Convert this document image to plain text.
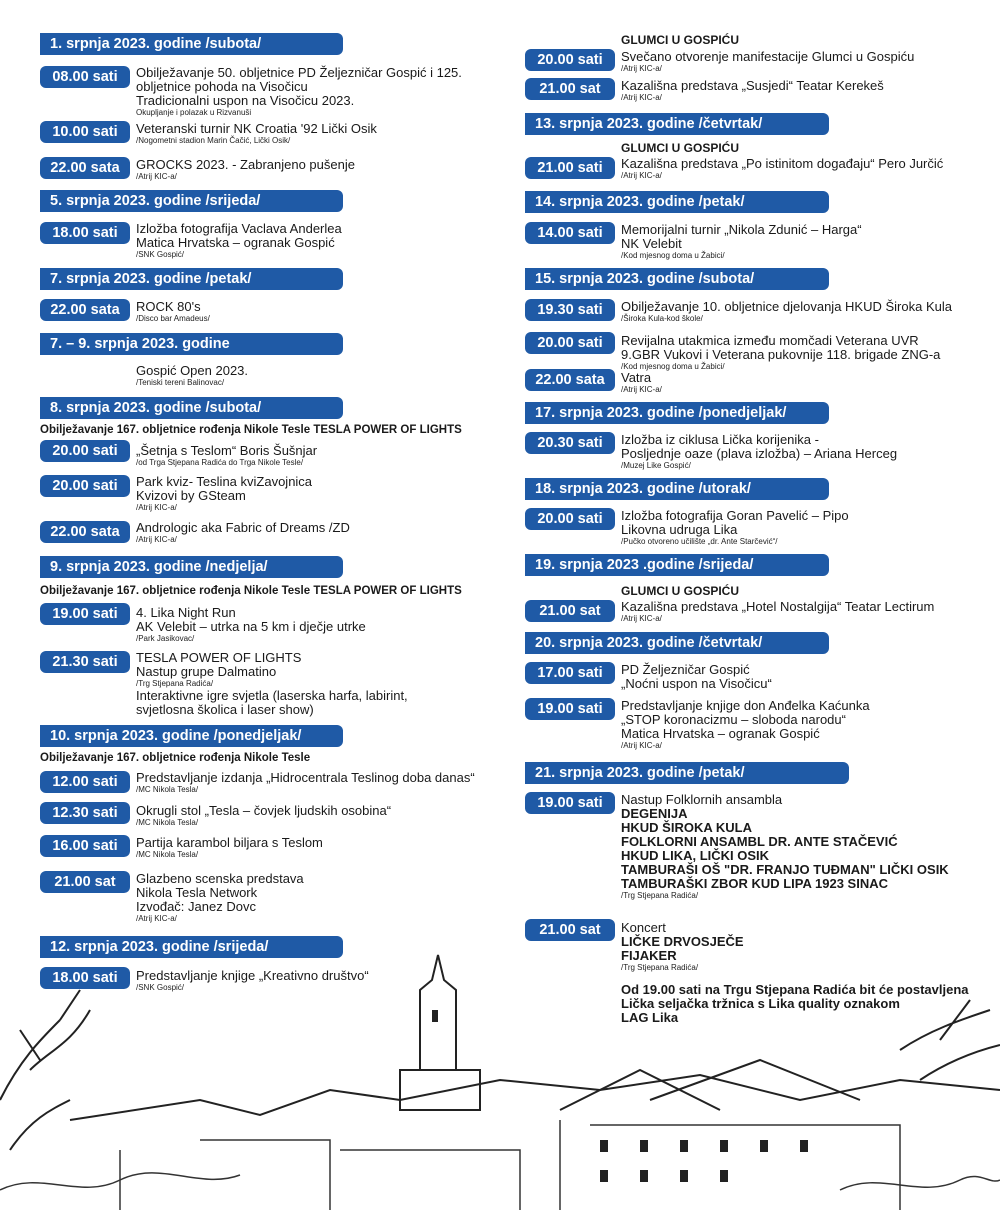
1. srpnja 2023. godine /subota/
08.00 sati	Obilježavanje 50. obljetnice PD Željezničar Gospić i 125.
obljetnice pohoda na Visočicu
Tradicionalni uspon na Visočicu 2023.
Okupljanje i polazak u Rizvanuši
10.00 sati	Veteranski turnir NK Croatia '92 Lički Osik
/Nogometni stadion Marin Čačić, Lički Osik/
22.00 sata	GROCKS 2023. - Zabranjeno pušenje
/Atrij KIC-a/
5. srpnja 2023. godine /srijeda/
18.00 sati	Izložba fotografija Vaclava Anderlea
Matica Hrvatska – ogranak Gospić
/SNK Gospić/
7. srpnja 2023. godine /petak/
22.00 sata	ROCK 80's
/Disco bar Amadeus/
7. – 9. srpnja 2023. godine
Gospić Open 2023.
/Teniski tereni Balinovac/
8. srpnja 2023. godine /subota/
Obilježavanje 167. obljetnice rođenja Nikole Tesle TESLA POWER OF LIGHTS
20.00 sati	„Šetnja s Teslom“ Boris Šušnjar
/od Trga Stjepana Radića do Trga Nikole Tesle/
20.00 sati	Park kviz- Teslina kviZavojnica
Kvizovi by GSteam
/Atrij KIC-a/
22.00 sata	Andrologic aka Fabric of Dreams /ZD
/Atrij KIC-a/
9. srpnja 2023. godine /nedjelja/
Obilježavanje 167. obljetnice rođenja Nikole Tesle TESLA POWER OF LIGHTS
19.00 sati	4. Lika Night Run
AK Velebit – utrka na 5 km i dječje utrke
/Park Jasikovac/
21.30 sati	TESLA POWER OF LIGHTS
Nastup grupe Dalmatino
/Trg Stjepana Radića/
Interaktivne igre svjetla (laserska harfa, labirint,
svjetlosna školica i laser show)
10. srpnja 2023. godine /ponedjeljak/
Obilježavanje 167. obljetnice rođenja Nikole Tesle
12.00 sati	Predstavljanje izdanja „Hidrocentrala Teslinog doba danas“
/MC Nikola Tesla/
12.30 sati	Okrugli stol „Tesla – čovjek ljudskih osobina“
/MC Nikola Tesla/
16.00 sati	Partija karambol biljara s Teslom
/MC Nikola Tesla/
21.00 sat	Glazbeno scenska predstava
Nikola Tesla Network
Izvođač: Janez Dovc
/Atrij KIC-a/
12. srpnja 2023. godine /srijeda/
18.00 sati	Predstavljanje knjige „Kreativno društvo“
/SNK Gospić/
GLUMCI U GOSPIĆU
20.00 sati	Svečano otvorenje manifestacije Glumci u Gospiću
/Atrij KIC-a/
21.00 sat	Kazališna predstava „Susjedi“ Teatar Kerekeš
/Atrij KIC-a/
13. srpnja 2023. godine /četvrtak/
GLUMCI U GOSPIĆU
21.00 sati	Kazališna predstava „Po istinitom događaju“ Pero Jurčić
/Atrij KIC-a/
14. srpnja 2023. godine /petak/
14.00 sati	Memorijalni turnir „Nikola Zdunić – Harga“
NK Velebit
/Kod mjesnog doma u Žabici/
15. srpnja 2023. godine /subota/
19.30 sati	Obilježavanje 10. obljetnice djelovanja HKUD Široka Kula
/Široka Kula-kod škole/
20.00 sati	Revijalna utakmica između momčadi Veterana UVR
9.GBR Vukovi i Veterana pukovnije 118. brigade ZNG-a
/Kod mjesnog doma u Žabici/
22.00 sata	Vatra
/Atrij KIC-a/
17. srpnja 2023. godine /ponedjeljak/
20.30 sati	Izložba iz ciklusa Lička korijenika -
Posljednje oaze (plava izložba) – Ariana Herceg
/Muzej Like Gospić/
18. srpnja 2023. godine /utorak/
20.00 sati	Izložba fotografija Goran Pavelić – Pipo
Likovna udruga Lika
/Pučko otvoreno učilište „dr. Ante Starčević“/
19. srpnja 2023 .godine /srijeda/
GLUMCI U GOSPIĆU
21.00 sat	Kazališna predstava „Hotel Nostalgija“ Teatar Lectirum
/Atrij KIC-a/
20. srpnja 2023. godine /četvrtak/
17.00 sati	PD Željezničar Gospić
„Noćni uspon na Visočicu“
19.00 sati	Predstavljanje knjige don Anđelka Kaćunka
„STOP koronacizmu – sloboda narodu“
Matica Hrvatska – ogranak Gospić
/Atrij KIC-a/
21. srpnja 2023. godine /petak/
19.00 sati	Nastup Folklornih ansambla
DEGENIJA
HKUD ŠIROKA KULA
FOLKLORNI ANSAMBL DR. ANTE STAČEVIĆ
HKUD LIKA, LIČKI OSIK
TAMBURAŠI OŠ "DR. FRANJO TUĐMAN" LIČKI OSIK
TAMBURAŠKI ZBOR KUD LIPA 1923 SINAC
/Trg Stjepana Radića/
21.00 sat	Koncert
LIČKE DRVOSJEČE
FIJAKER
/Trg Stjepana Radića/
Od 19.00 sati na Trgu Stjepana Radića bit će postavljena
Lička seljačka tržnica s Lika quality oznakom
LAG Lika
